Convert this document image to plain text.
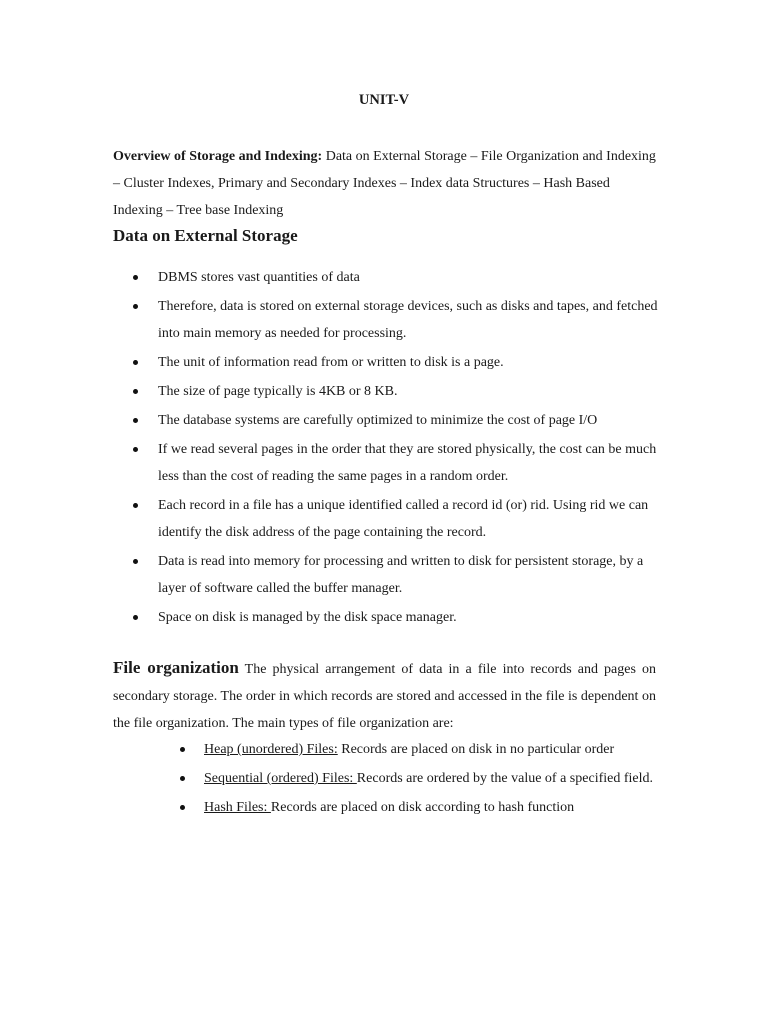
UNIT-V
Overview of Storage and Indexing: Data on External Storage – File Organization and Indexing – Cluster Indexes, Primary and Secondary Indexes – Index data Structures – Hash Based Indexing – Tree base Indexing
Data on External Storage
DBMS stores vast quantities of data
Therefore, data is stored on external storage devices, such as disks and tapes, and fetched into main memory as needed for processing.
The unit of information read from or written to disk is a page.
The size of page typically is 4KB or 8 KB.
The database systems are carefully optimized to minimize the cost of page I/O
If we read several pages in the order that they are stored physically, the cost can be much less than the cost of reading the same pages in a random order.
Each record in a file has a unique identified called a record id (or) rid. Using rid we can identify the disk address of the page containing the record.
Data is read into memory for processing and written to disk for persistent storage, by a layer of software called the buffer manager.
Space on disk is managed by the disk space manager.
File organization The physical arrangement of data in a file into records and pages on secondary storage. The order in which records are stored and accessed in the file is dependent on the file organization. The main types of file organization are:
Heap (unordered) Files: Records are placed on disk in no particular order
Sequential (ordered) Files: Records are ordered by the value of a specified field.
Hash Files: Records are placed on disk according to hash function
